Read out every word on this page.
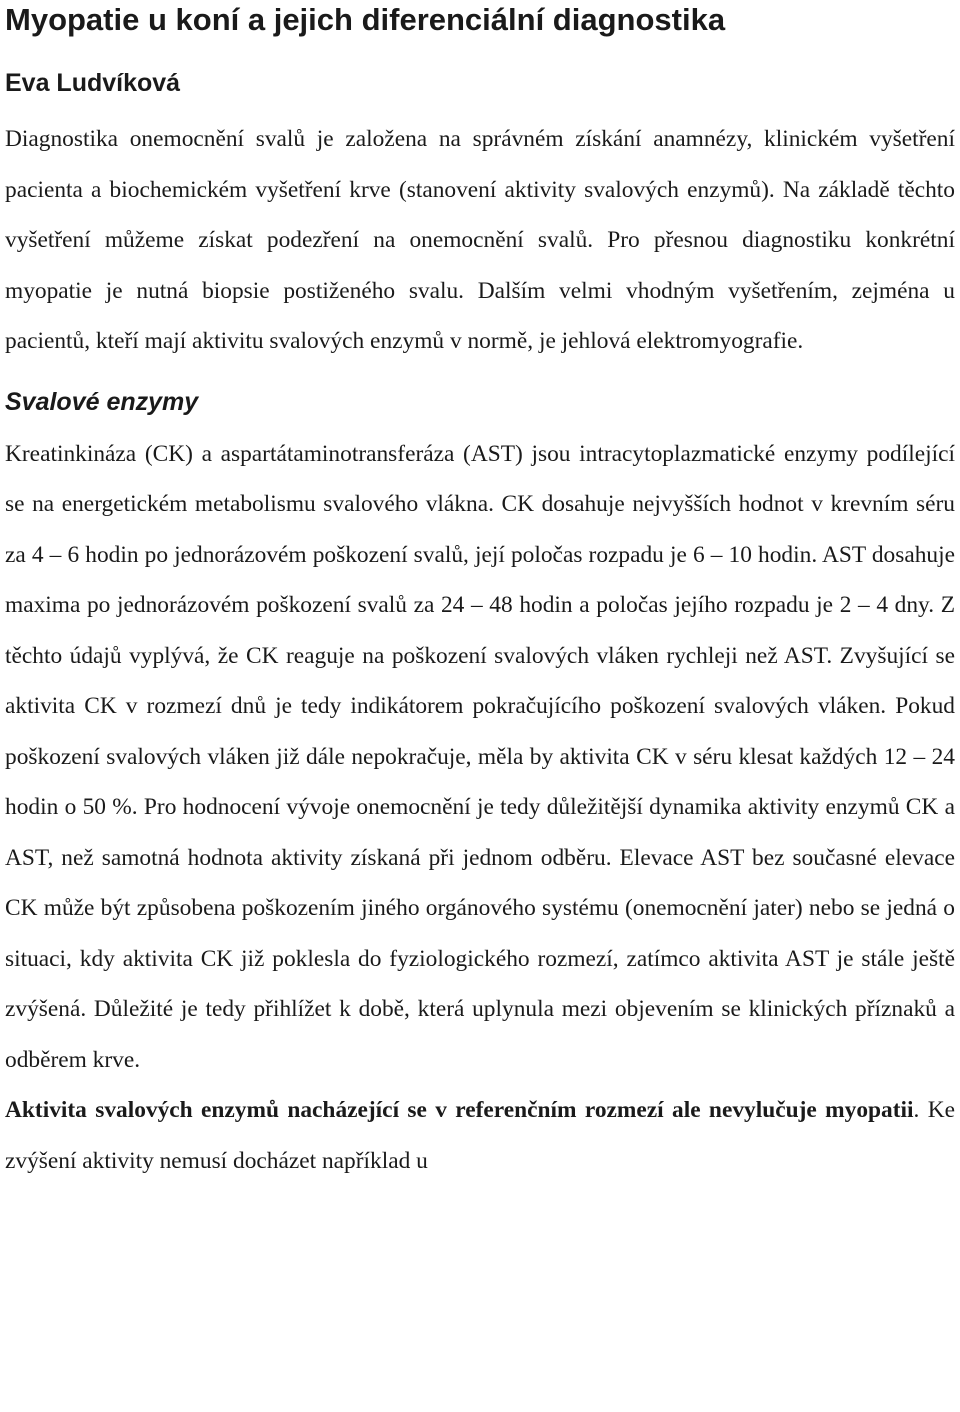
Myopatie u koní a jejich diferenciální diagnostika
Eva Ludvíková

Diagnostika onemocnění svalů je založena na správném získání anamnézy, klinickém vyšetření pacienta a biochemickém vyšetření krve (stanovení aktivity svalových enzymů). Na základě těchto vyšetření můžeme získat podezření na onemocnění svalů. Pro přesnou diagnostiku konkrétní myopatie je nutná biopsie postiženého svalu. Dalším velmi vhodným vyšetřením, zejména u pacientů, kteří mají aktivitu svalových enzymů v normě, je jehlová elektromyografie.

Svalové enzymy

Kreatinkináza (CK) a aspartátaminotransferáza (AST) jsou intracytoplazmatické enzymy podílející se na energetickém metabolismu svalového vlákna. CK dosahuje nejvyšších hodnot v krevním séru za 4 – 6 hodin po jednorázovém poškození svalů, její poločas rozpadu je 6 – 10 hodin. AST dosahuje maxima po jednorázovém poškození svalů za 24 – 48 hodin a poločas jejího rozpadu je 2 – 4 dny. Z těchto údajů vyplývá, že CK reaguje na poškození svalových vláken rychleji než AST. Zvyšující se aktivita CK v rozmezí dnů je tedy indikátorem pokračujícího poškození svalových vláken. Pokud poškození svalových vláken již dále nepokračuje, měla by aktivita CK v séru klesat každých 12 – 24 hodin o 50 %. Pro hodnocení vývoje onemocnění je tedy důležitější dynamika aktivity enzymů CK a AST, než samotná hodnota aktivity získaná při jednom odběru. Elevace AST bez současné elevace CK může být způsobena poškozením jiného orgánového systému (onemocnění jater) nebo se jedná o situaci, kdy aktivita CK již poklesla do fyziologického rozmezí, zatímco aktivita AST je stále ještě zvýšená. Důležité je tedy přihlížet k době, která uplynula mezi objevením se klinických příznaků a odběrem krve.

Aktivita svalových enzymů nacházející se v referenčním rozmezí ale nevylučuje myopatii. Ke zvýšení aktivity nemusí docházet například u
